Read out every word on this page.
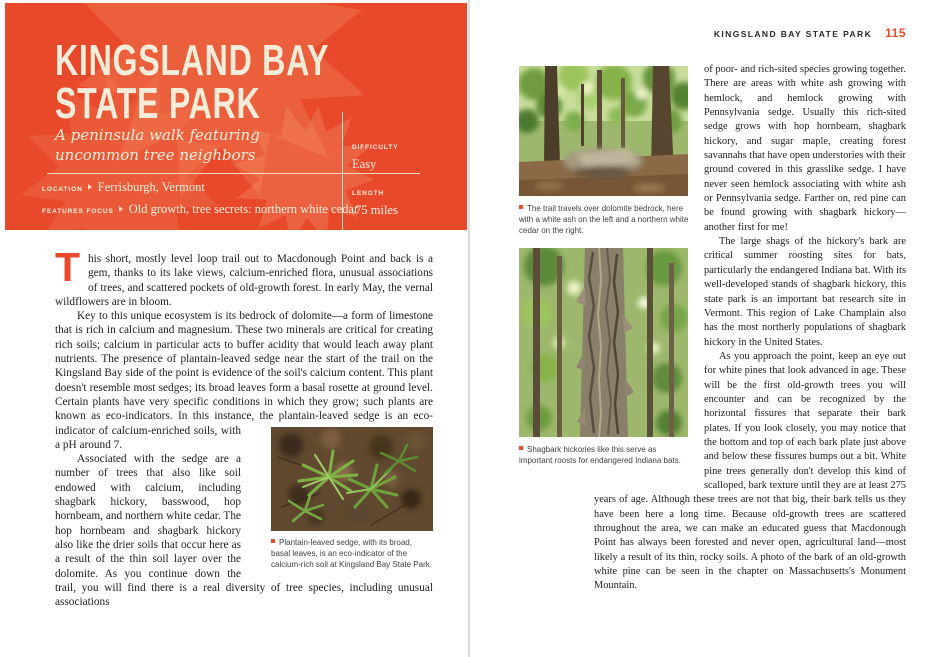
KINGSLAND BAY
STATE PARK
A peninsula walk featuring
uncommon tree neighbors	DIFFICULTY
Easy
LENGTH
.75 miles
LOCATION Ferrisburgh, Vermont
FEATURES FOCUS Old growth, tree secrets: northern white cedar

This short, mostly level loop trail out to Macdonough Point and back is a gem, thanks to its lake views, calcium-enriched flora, unusual associations of trees, and scattered pockets of old-growth forest. In early May, the vernal wildflowers are in bloom.

Key to this unique ecosystem is its bedrock of dolomite—a form of limestone that is rich in calcium and magnesium. These two minerals are critical for creating rich soils; calcium in particular acts to buffer acidity that would leach away plant nutrients. The presence of plantain-leaved sedge near the start of the trail on the Kingsland Bay side of the point is evidence of the soil's calcium content. This plant doesn't resemble most sedges; its broad leaves form a basal rosette at ground level. Certain plants have very specific conditions in which they grow; such plants are known as eco-indicators. In this instance,
Plantain-leaved sedge, with its broad, basal leaves, is an eco-indicator of the calcium-rich soil at Kingsland Bay State Park.
the plantain-leaved sedge is an eco-indicator of calcium-enriched soils, with a pH around 7.

Associated with the sedge are a number of trees that also like soil endowed with calcium, including shagbark hickory, basswood, hop hornbeam, and northern white cedar. The hop hornbeam and shagbark hickory also like the drier soils that occur here as a result of the thin soil layer over the dolomite. As you continue down the trail, you will find there is a real diversity of tree species, including unusual associations

KINGSLAND BAY STATE PARK 115
The trail travels over dolomite bedrock, here with a white ash on the left and a northern white cedar on the right.
Shagbark hickories like this serve as important roosts for endangered Indiana bats.

of poor- and rich-sited species growing together. There are areas with white ash growing with hemlock, and hemlock growing with Pennsylvania sedge. Usually this rich-sited sedge grows with hop hornbeam, shagbark hickory, and sugar maple, creating forest savannahs that have open understories with their ground covered in this grasslike sedge. I have never seen hemlock associating with white ash or Pennsylvania sedge. Farther on, red pine can be found growing with shagbark hickory—another first for me!

The large shags of the hickory's bark are critical summer roosting sites for bats, particularly the endangered Indiana bat. With its well-developed stands of shagbark hickory, this state park is an important bat research site in Vermont. This region of Lake Champlain also has the most northerly populations of shagbark hickory in the United States.

As you approach the point, keep an eye out for white pines that look advanced in age. These will be the first old-growth trees you will encounter and can be recognized by the horizontal fissures that separate their bark plates. If you look closely, you may notice that the bottom and top of each bark plate just above and below these fissures bumps out a bit. White pine trees generally don't develop this kind of scalloped, bark texture until they are at least 275 years of age. Although these trees are not that big, their bark tells us they have been here a long time. Because old-growth trees are scattered throughout the area, we can make an educated guess that Macdonough Point has always been forested and never open, agricultural land—most likely a result of its thin, rocky soils. A photo of the bark of an old-growth white pine can be seen in the chapter on Massachusetts's Monument Mountain.
